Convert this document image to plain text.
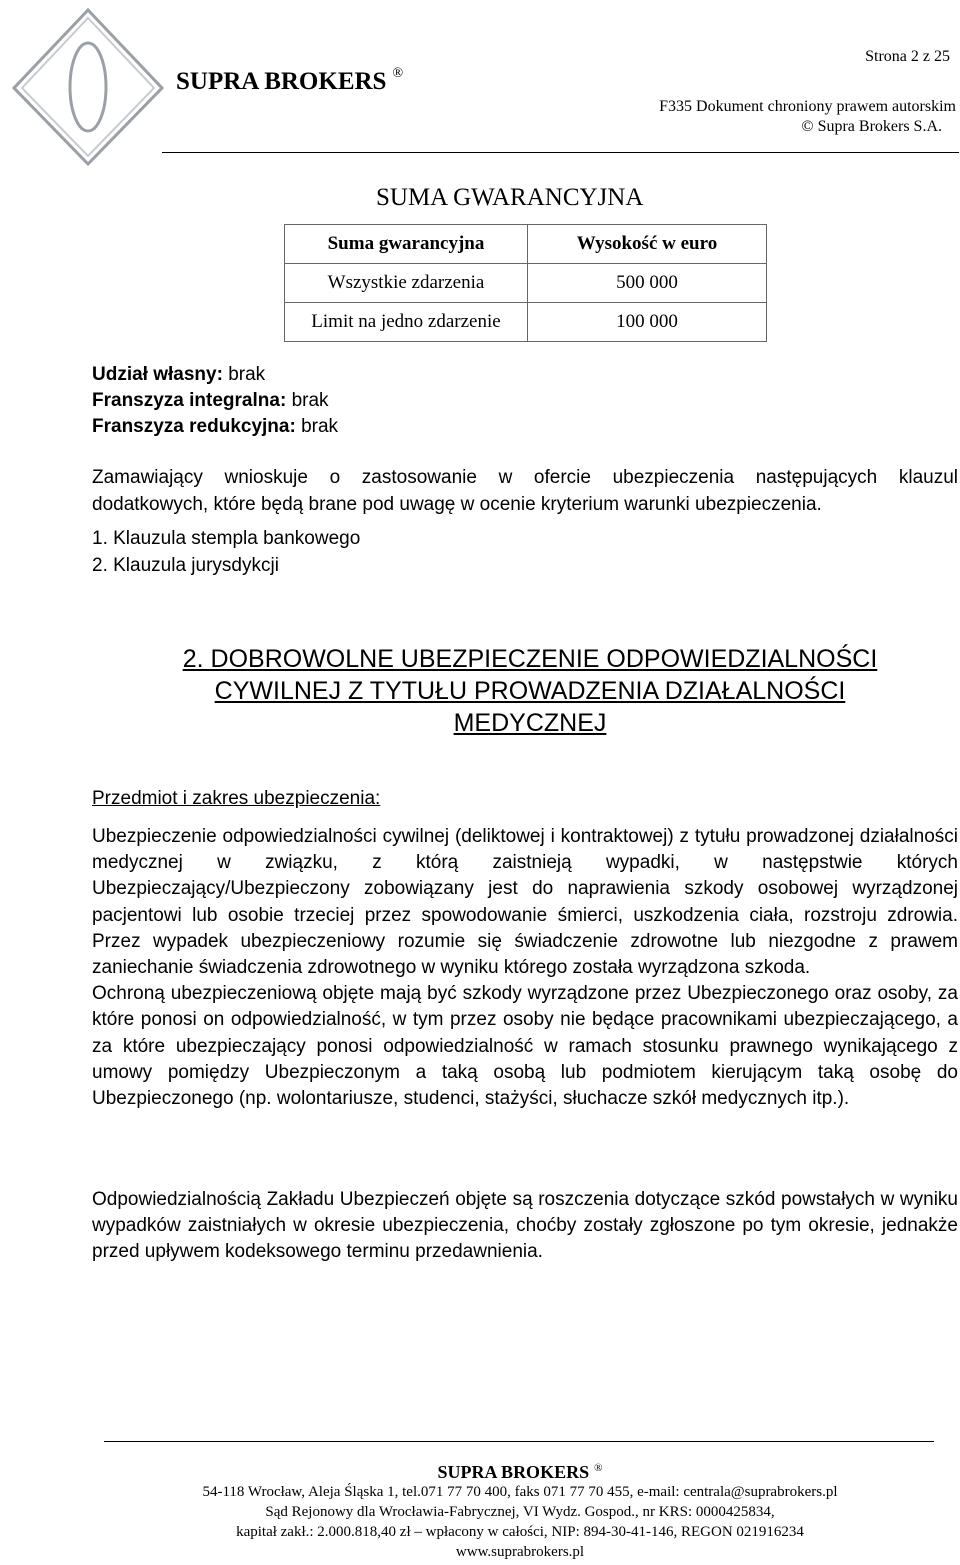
SUPRA BROKERS ®
Strona 2 z 25
F335 Dokument chroniony prawem autorskim
© Supra Brokers S.A.
SUMA GWARANCYJNA
Suma gwarancyjna	Wysokość w euro
Wszystkie zdarzenia	500 000
Limit na jedno zdarzenie	100 000
Udział własny: brak
Franszyza integralna: brak
Franszyza redukcyjna: brak
Zamawiający wnioskuje o zastosowanie w ofercie ubezpieczenia następujących klauzul
dodatkowych, które będą brane pod uwagę w ocenie kryterium warunki ubezpieczenia.
1. Klauzula stempla bankowego
2. Klauzula jurysdykcji
2. DOBROWOLNE UBEZPIECZENIE ODPOWIEDZIALNOŚCI
CYWILNEJ Z TYTUŁU PROWADZENIA DZIAŁALNOŚCI
MEDYCZNEJ
Przedmiot i zakres ubezpieczenia:

Ubezpieczenie odpowiedzialności cywilnej (deliktowej i kontraktowej) z tytułu prowadzonej działalności medycznej w związku, z którą zaistnieją wypadki, w następstwie których Ubezpieczający/Ubezpieczony zobowiązany jest do naprawienia szkody osobowej wyrządzonej pacjentowi lub osobie trzeciej przez spowodowanie śmierci, uszkodzenia ciała, rozstroju zdrowia. Przez wypadek ubezpieczeniowy rozumie się świadczenie zdrowotne lub niezgodne z prawem zaniechanie świadczenia zdrowotnego w wyniku którego została wyrządzona szkoda.

Ochroną ubezpieczeniową objęte mają być szkody wyrządzone przez Ubezpieczonego oraz osoby, za które ponosi on odpowiedzialność, w tym przez osoby nie będące pracownikami ubezpieczającego, a za które ubezpieczający ponosi odpowiedzialność w ramach stosunku prawnego wynikającego z umowy pomiędzy Ubezpieczonym a taką osobą lub podmiotem kierującym taką osobę do Ubezpieczonego (np. wolontariusze, studenci, stażyści, słuchacze szkół medycznych itp.).

Odpowiedzialnością Zakładu Ubezpieczeń objęte są roszczenia dotyczące szkód powstałych w wyniku wypadków zaistniałych w okresie ubezpieczenia, choćby zostały zgłoszone po tym okresie, jednakże przed upływem kodeksowego terminu przedawnienia.

SUPRA BROKERS ®
54-118 Wrocław, Aleja Śląska 1, tel.071 77 70 400, faks 071 77 70 455, e-mail: centrala@suprabrokers.pl
Sąd Rejonowy dla Wrocławia-Fabrycznej, VI Wydz. Gospod., nr KRS: 0000425834,
kapitał zakł.: 2.000.818,40 zł – wpłacony w całości, NIP: 894-30-41-146, REGON 021916234
www.suprabrokers.pl
